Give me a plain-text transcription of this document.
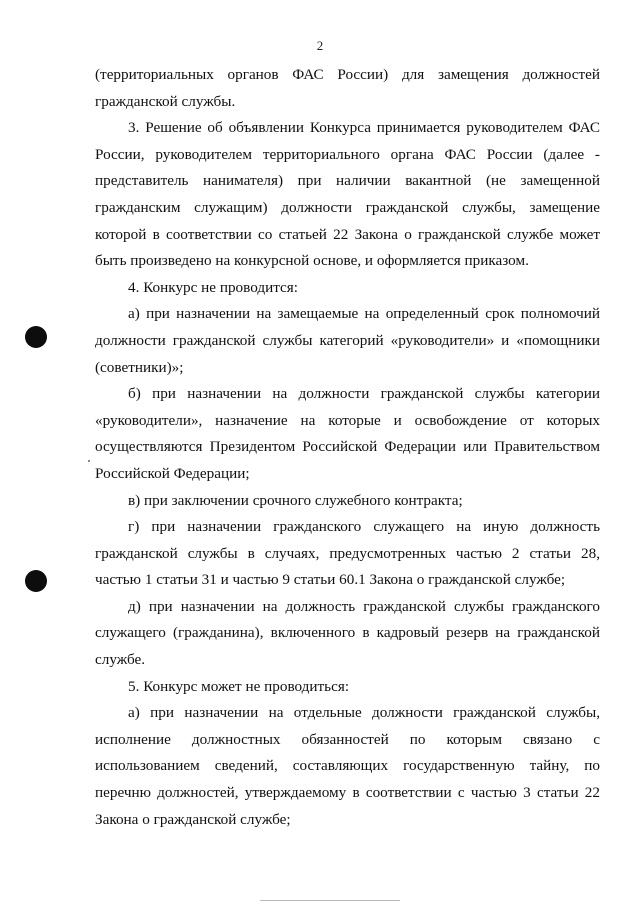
2

(территориальных органов ФАС России) для замещения должностей гражданской службы.

3. Решение об объявлении Конкурса принимается руководителем ФАС России, руководителем территориального органа ФАС России (далее - представитель нанимателя) при наличии вакантной (не замещенной гражданским служащим) должности гражданской службы, замещение которой в соответствии со статьей 22 Закона о гражданской службе может быть произведено на конкурсной основе, и оформляется приказом.

4. Конкурс не проводится:

а) при назначении на замещаемые на определенный срок полномочий должности гражданской службы категорий «руководители» и «помощники (советники)»;

б) при назначении на должности гражданской службы категории «руководители», назначение на которые и освобождение от которых осуществляются Президентом Российской Федерации или Правительством Российской Федерации;

в) при заключении срочного служебного контракта;

г) при назначении гражданского служащего на иную должность гражданской службы в случаях, предусмотренных частью 2 статьи 28, частью 1 статьи 31 и частью 9 статьи 60.1 Закона о гражданской службе;

д) при назначении на должность гражданской службы гражданского служащего (гражданина), включенного в кадровый резерв на гражданской службе.

5. Конкурс может не проводиться:

а) при назначении на отдельные должности гражданской службы, исполнение должностных обязанностей по которым связано с использованием сведений, составляющих государственную тайну, по перечню должностей, утверждаемому в соответствии с частью 3 статьи 22 Закона о гражданской службе;
